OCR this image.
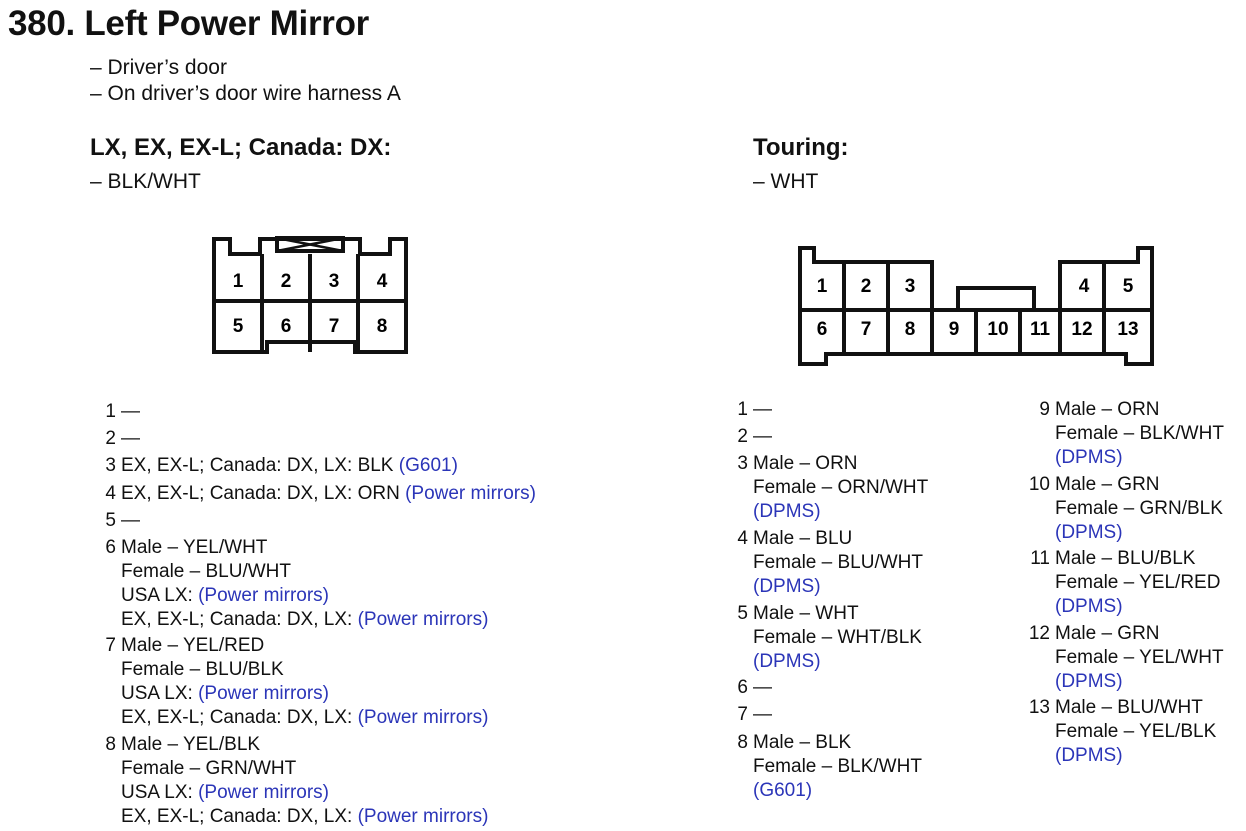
380. Left Power Mirror
– Driver’s door
– On driver’s door wire harness A
LX, EX, EX-L; Canada: DX:
– BLK/WHT
Touring:
– WHT
1 2 3 4
5 6 7 8
1 2 3	4 5
6 7 8 9 10 11 12 13
1 —
2 —
3 EX, EX-L; Canada: DX, LX: BLK (G601)
4 EX, EX-L; Canada: DX, LX: ORN (Power mirrors)
5 —
6 Male – YEL/WHT
Female – BLU/WHT
USA LX: (Power mirrors)
EX, EX-L; Canada: DX, LX: (Power mirrors)
7 Male – YEL/RED
Female – BLU/BLK
USA LX: (Power mirrors)
EX, EX-L; Canada: DX, LX: (Power mirrors)
8 Male – YEL/BLK
Female – GRN/WHT
USA LX: (Power mirrors)
EX, EX-L; Canada: DX, LX: (Power mirrors)
1 —
2 —
3 Male – ORN
Female – ORN/WHT
(DPMS)
4 Male – BLU
Female – BLU/WHT
(DPMS)
5 Male – WHT
Female – WHT/BLK
(DPMS)
6 —
7 —
8 Male – BLK
Female – BLK/WHT
(G601)
9 Male – ORN
Female – BLK/WHT
(DPMS)
10 Male – GRN
Female – GRN/BLK
(DPMS)
11 Male – BLU/BLK
Female – YEL/RED
(DPMS)
12 Male – GRN
Female – YEL/WHT
(DPMS)
13 Male – BLU/WHT
Female – YEL/BLK
(DPMS)
